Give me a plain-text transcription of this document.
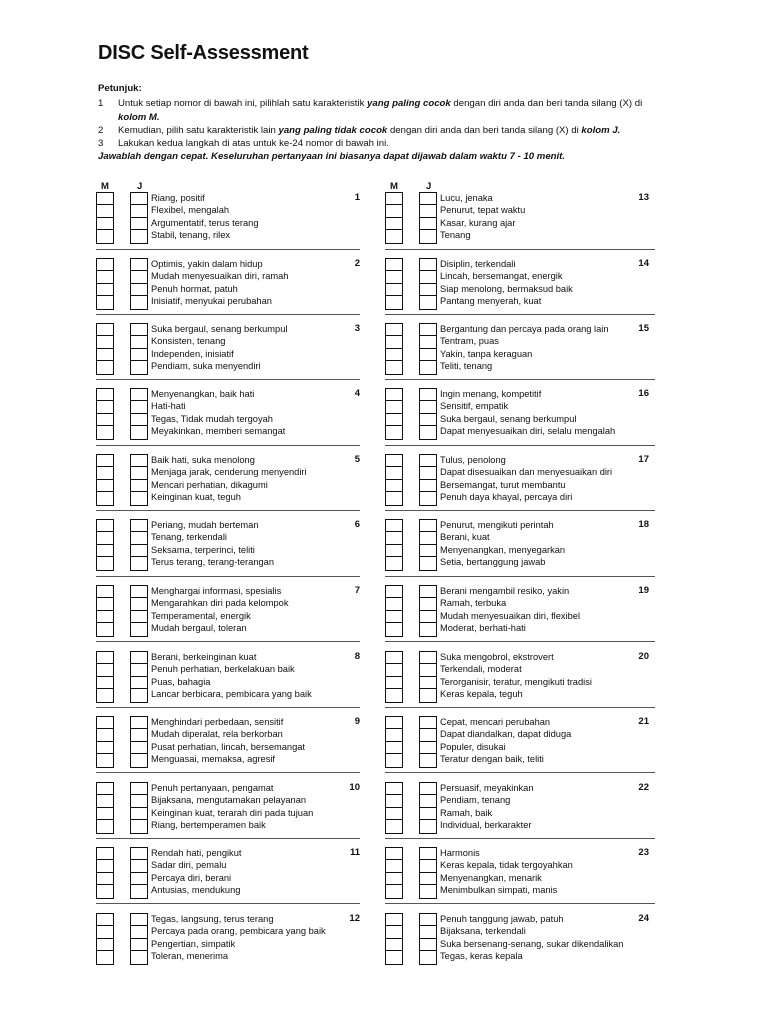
DISC Self-Assessment
Petunjuk:
1	Untuk setiap nomor di bawah ini, pilihlah satu karakteristik yang paling cocok dengan diri anda dan beri tanda silang (X) di
kolom M.
2	Kemudian, pilih satu karakteristik lain yang paling tidak cocok dengan diri anda dan beri tanda silang (X) di kolom J.
3	Lakukan kedua langkah di atas untuk ke-24 nomor di bawah ini.
Jawablah dengan cepat. Keseluruhan pertanyaan ini biasanya dapat dijawab dalam waktu 7 - 10 menit.
M	J	M	J
Riang, positif
Flexibel, mengalah
Argumentatif, terus terang
Stabil, tenang, rilex
1
Optimis, yakin dalam hidup
Mudah menyesuaikan diri, ramah
Penuh hormat, patuh
Inisiatif, menyukai perubahan
2
Suka bergaul, senang berkumpul
Konsisten, tenang
Independen, inisiatif
Pendiam, suka menyendiri
3
Menyenangkan, baik hati
Hati-hati
Tegas, Tidak mudah tergoyah
Meyakinkan, memberi semangat
4
Baik hati, suka menolong
Menjaga jarak, cenderung menyendiri
Mencari perhatian, dikagumi
Keinginan kuat, teguh
5
Periang, mudah berteman
Tenang, terkendali
Seksama, terperinci, teliti
Terus terang, terang-terangan
6
Menghargai informasi, spesialis
Mengarahkan diri pada kelompok
Temperamental, energik
Mudah bergaul, toleran
7
Berani, berkeinginan kuat
Penuh perhatian, berkelakuan baik
Puas, bahagia
Lancar berbicara, pembicara yang baik
8
Menghindari perbedaan, sensitif
Mudah diperalat, rela berkorban
Pusat perhatian, lincah, bersemangat
Menguasai, memaksa, agresif
9
Penuh pertanyaan, pengamat
Bijaksana, mengutamakan pelayanan
Keinginan kuat, terarah diri pada tujuan
Riang, bertemperamen baik
10
Rendah hati, pengikut
Sadar diri, pemalu
Percaya diri, berani
Antusias, mendukung
11
Tegas, langsung, terus terang
Percaya pada orang, pembicara yang baik
Pengertian, simpatik
Toleran, menerima
12
Lucu, jenaka
Penurut, tepat waktu
Kasar, kurang ajar
Tenang
13
Disiplin, terkendali
Lincah, bersemangat, energik
Siap menolong, bermaksud baik
Pantang menyerah, kuat
14
Bergantung dan percaya pada orang lain
Tentram, puas
Yakin, tanpa keraguan
Teliti, tenang
15
Ingin menang, kompetitif
Sensitif, empatik
Suka bergaul, senang berkumpul
Dapat menyesuaikan diri, selalu mengalah
16
Tulus, penolong
Dapat disesuaikan dan menyesuaikan diri
Bersemangat, turut membantu
Penuh daya khayal, percaya diri
17
Penurut, mengikuti perintah
Berani, kuat
Menyenangkan, menyegarkan
Setia, bertanggung jawab
18
Berani mengambil resiko, yakin
Ramah, terbuka
Mudah menyesuaikan diri, flexibel
Moderat, berhati-hati
19
Suka mengobrol, ekstrovert
Terkendali, moderat
Terorganisir, teratur, mengikuti tradisi
Keras kepala, teguh
20
Cepat, mencari perubahan
Dapat diandalkan, dapat diduga
Populer, disukai
Teratur dengan baik, teliti
21
Persuasif, meyakinkan
Pendiam, tenang
Ramah, baik
Individual, berkarakter
22
Harmonis
Keras kepala, tidak tergoyahkan
Menyenangkan, menarik
Menimbulkan simpati, manis
23
Penuh tanggung jawab, patuh
Bijaksana, terkendali
Suka bersenang-senang, sukar dikendalikan
Tegas, keras kepala
24
